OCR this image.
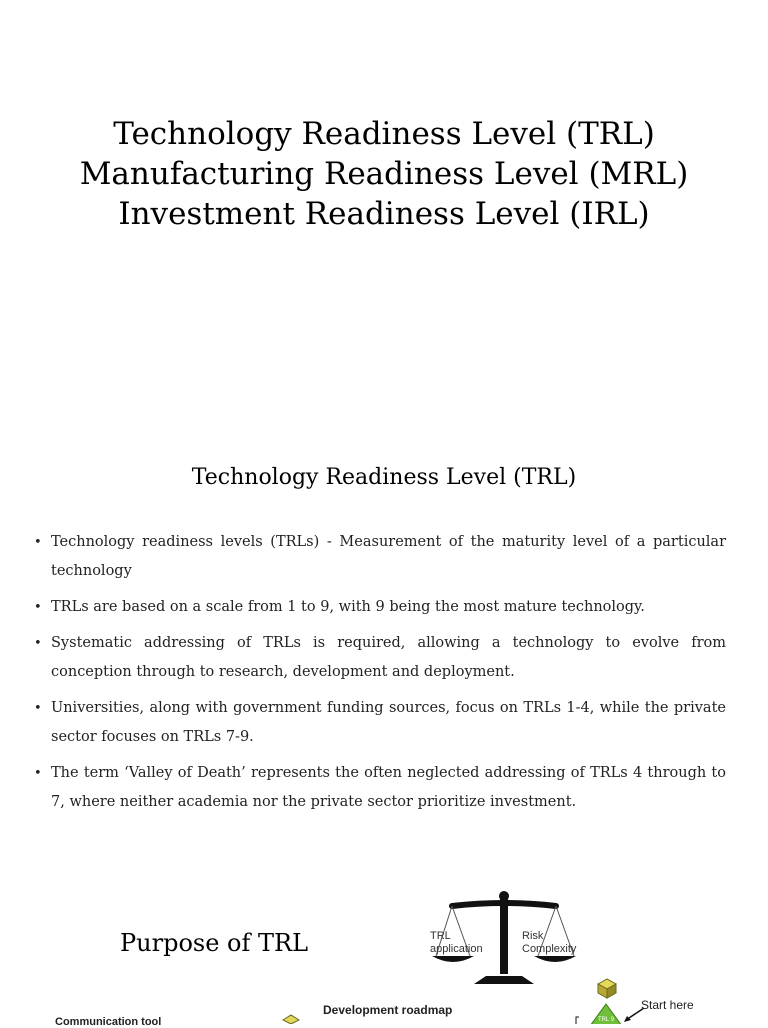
Technology Readiness Level (TRL)
Manufacturing Readiness Level (MRL)
Investment Readiness Level (IRL)
Technology Readiness Level (TRL)
• Technology readiness levels (TRLs) - Measurement of the maturity level of a particular technology
• TRLs are based on a scale from 1 to 9, with 9 being the most mature technology.
• Systematic addressing of TRLs is required, allowing a technology to evolve from conception through to research, development and deployment.
• Universities, along with government funding sources, focus on TRLs 1-4, while the private sector focuses on TRLs 7-9.
• The term ‘Valley of Death’ represents the often neglected addressing of TRLs 4 through to 7, where neither academia nor the private sector prioritize investment.
Purpose of TRL	TRL application
Risk Complexity
TRL 9
Start here
Development roadmap
Communication tool
